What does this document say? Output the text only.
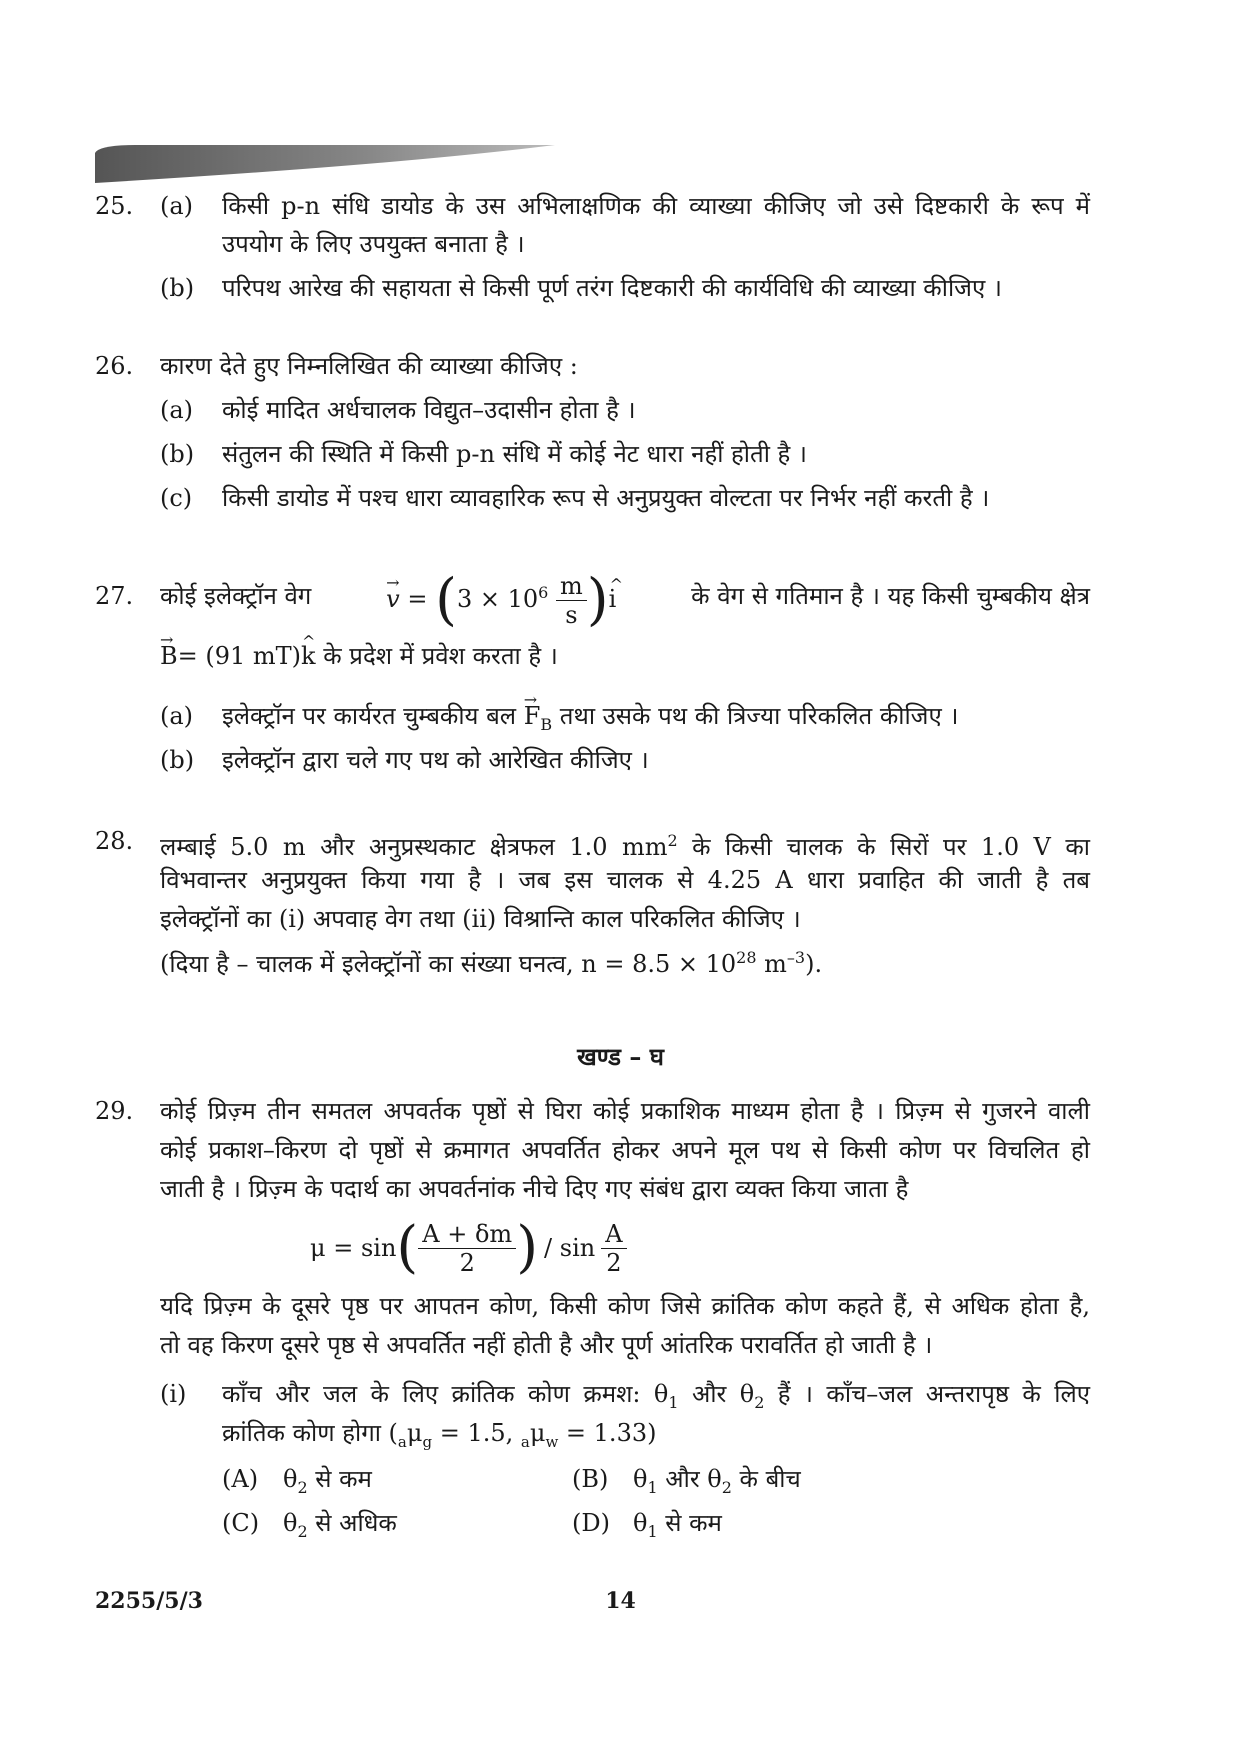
25. (a) किसी p-n संधि डायोड के उस अभिलाक्षणिक की व्याख्या कीजिए जो उसे दिष्टकारी के रूप में
उपयोग के लिए उपयुक्त बनाता है ।
(b) परिपथ आरेख की सहायता से किसी पूर्ण तरंग दिष्टकारी की कार्यविधि की व्याख्या कीजिए ।
26. कारण देते हुए निम्नलिखित की व्याख्या कीजिए :
(a) कोई मादित अर्धचालक विद्युत–उदासीन होता है ।
(b) संतुलन की स्थिति में किसी p-n संधि में कोई नेट धारा नहीं होती है ।
(c) किसी डायोड में पश्च धारा व्यावहारिक रूप से अनुप्रयुक्त वोल्टता पर निर्भर नहीं करती है ।
27. कोई इलेक्ट्रॉन वेग	→ $v = (3 \times 10^6 \frac{m}{s}$ )^ i	के वेग से गतिमान है । यह किसी चुम्बकीय क्षेत्र
→ B= (91 mT)^ k के प्रदेश में प्रवेश करता है ।
(a) इलेक्ट्रॉन पर कार्यरत चुम्बकीय बल → $F_B$ तथा उसके पथ की त्रिज्या परिकलित कीजिए ।
(b) इलेक्ट्रॉन द्वारा चले गए पथ को आरेखित कीजिए ।
28. लम्बाई 5.0 m और अनुप्रस्थकाट क्षेत्रफल 1.0 $mm^2$ के किसी चालक के सिरों पर 1.0 V का
विभवान्तर अनुप्रयुक्त किया गया है । जब इस चालक से 4.25 A धारा प्रवाहित की जाती है तब
इलेक्ट्रॉनों का (i) अपवाह वेग तथा (ii) विश्रान्ति काल परिकलित कीजिए ।
(दिया है – चालक में इलेक्ट्रॉनों का संख्या घनत्व, $n = 8.5 \times 10^{28}$ $m^{-3}$).
खण्ड – घ
29. कोई प्रिज़्म तीन समतल अपवर्तक पृष्ठों से घिरा कोई प्रकाशिक माध्यम होता है । प्रिज़्म से गुजरने वाली
कोई प्रकाश–किरण दो पृष्ठों से क्रमागत अपवर्तित होकर अपने मूल पथ से किसी कोण पर विचलित हो
जाती है । प्रिज़्म के पदार्थ का अपवर्तनांक नीचे दिए गए संबंध द्वारा व्यक्त किया जाता है
μ = sin ( $\frac{A + \delta m}{2}$ ) / $\sin \frac{A}{2}$
यदि प्रिज़्म के दूसरे पृष्ठ पर आपतन कोण, किसी कोण जिसे क्रांतिक कोण कहते हैं, से अधिक होता है,
तो वह किरण दूसरे पृष्ठ से अपवर्तित नहीं होती है और पूर्ण आंतरिक परावर्तित हो जाती है ।
(i) काँच और जल के लिए क्रांतिक कोण क्रमश: $\theta_1$ और $\theta_2$ हैं । काँच–जल अन्तरापृष्ठ के लिए
क्रांतिक कोण होगा ($_a\mu_g = 1.5$, $_a\mu_w = 1.33$)
(A) $\theta_2$ से कम	(B) $\theta_1$ और $\theta_2$ के बीच
(C) $\theta_2$ से अधिक	(D) $\theta_1$ से कम
2255/5/3	14
